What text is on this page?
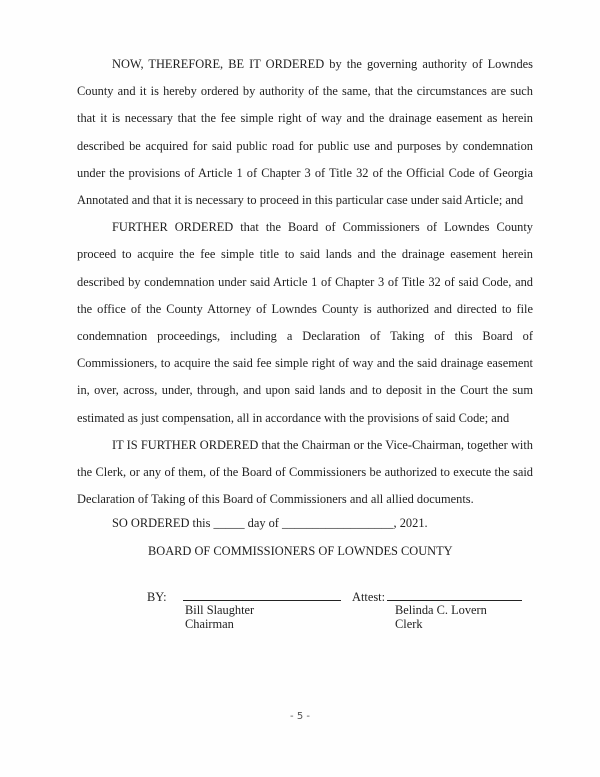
NOW, THEREFORE, BE IT ORDERED by the governing authority of Lowndes County and it is hereby ordered by authority of the same, that the circumstances are such that it is necessary that the fee simple right of way and the drainage easement as herein described be acquired for said public road for public use and purposes by condemnation under the provisions of Article 1 of Chapter 3 of Title 32 of the Official Code of Georgia Annotated and that it is necessary to proceed in this particular case under said Article; and

FURTHER ORDERED that the Board of Commissioners of Lowndes County proceed to acquire the fee simple title to said lands and the drainage easement herein described by condemnation under said Article 1 of Chapter 3 of Title 32 of said Code, and the office of the County Attorney of Lowndes County is authorized and directed to file condemnation proceedings, including a Declaration of Taking of this Board of Commissioners, to acquire the said fee simple right of way and the said drainage easement in, over, across, under, through, and upon said lands and to deposit in the Court the sum estimated as just compensation, all in accordance with the provisions of said Code; and

IT IS FURTHER ORDERED that the Chairman or the Vice-Chairman, together with the Clerk, or any of them, of the Board of Commissioners be authorized to execute the said Declaration of Taking of this Board of Commissioners and all allied documents.

SO ORDERED this _____ day of __________________, 2021.
BOARD OF COMMISSIONERS OF LOWNDES COUNTY
BY:
Bill Slaughter
Chairman
Attest:
Belinda C. Lovern
Clerk
- 5 -
